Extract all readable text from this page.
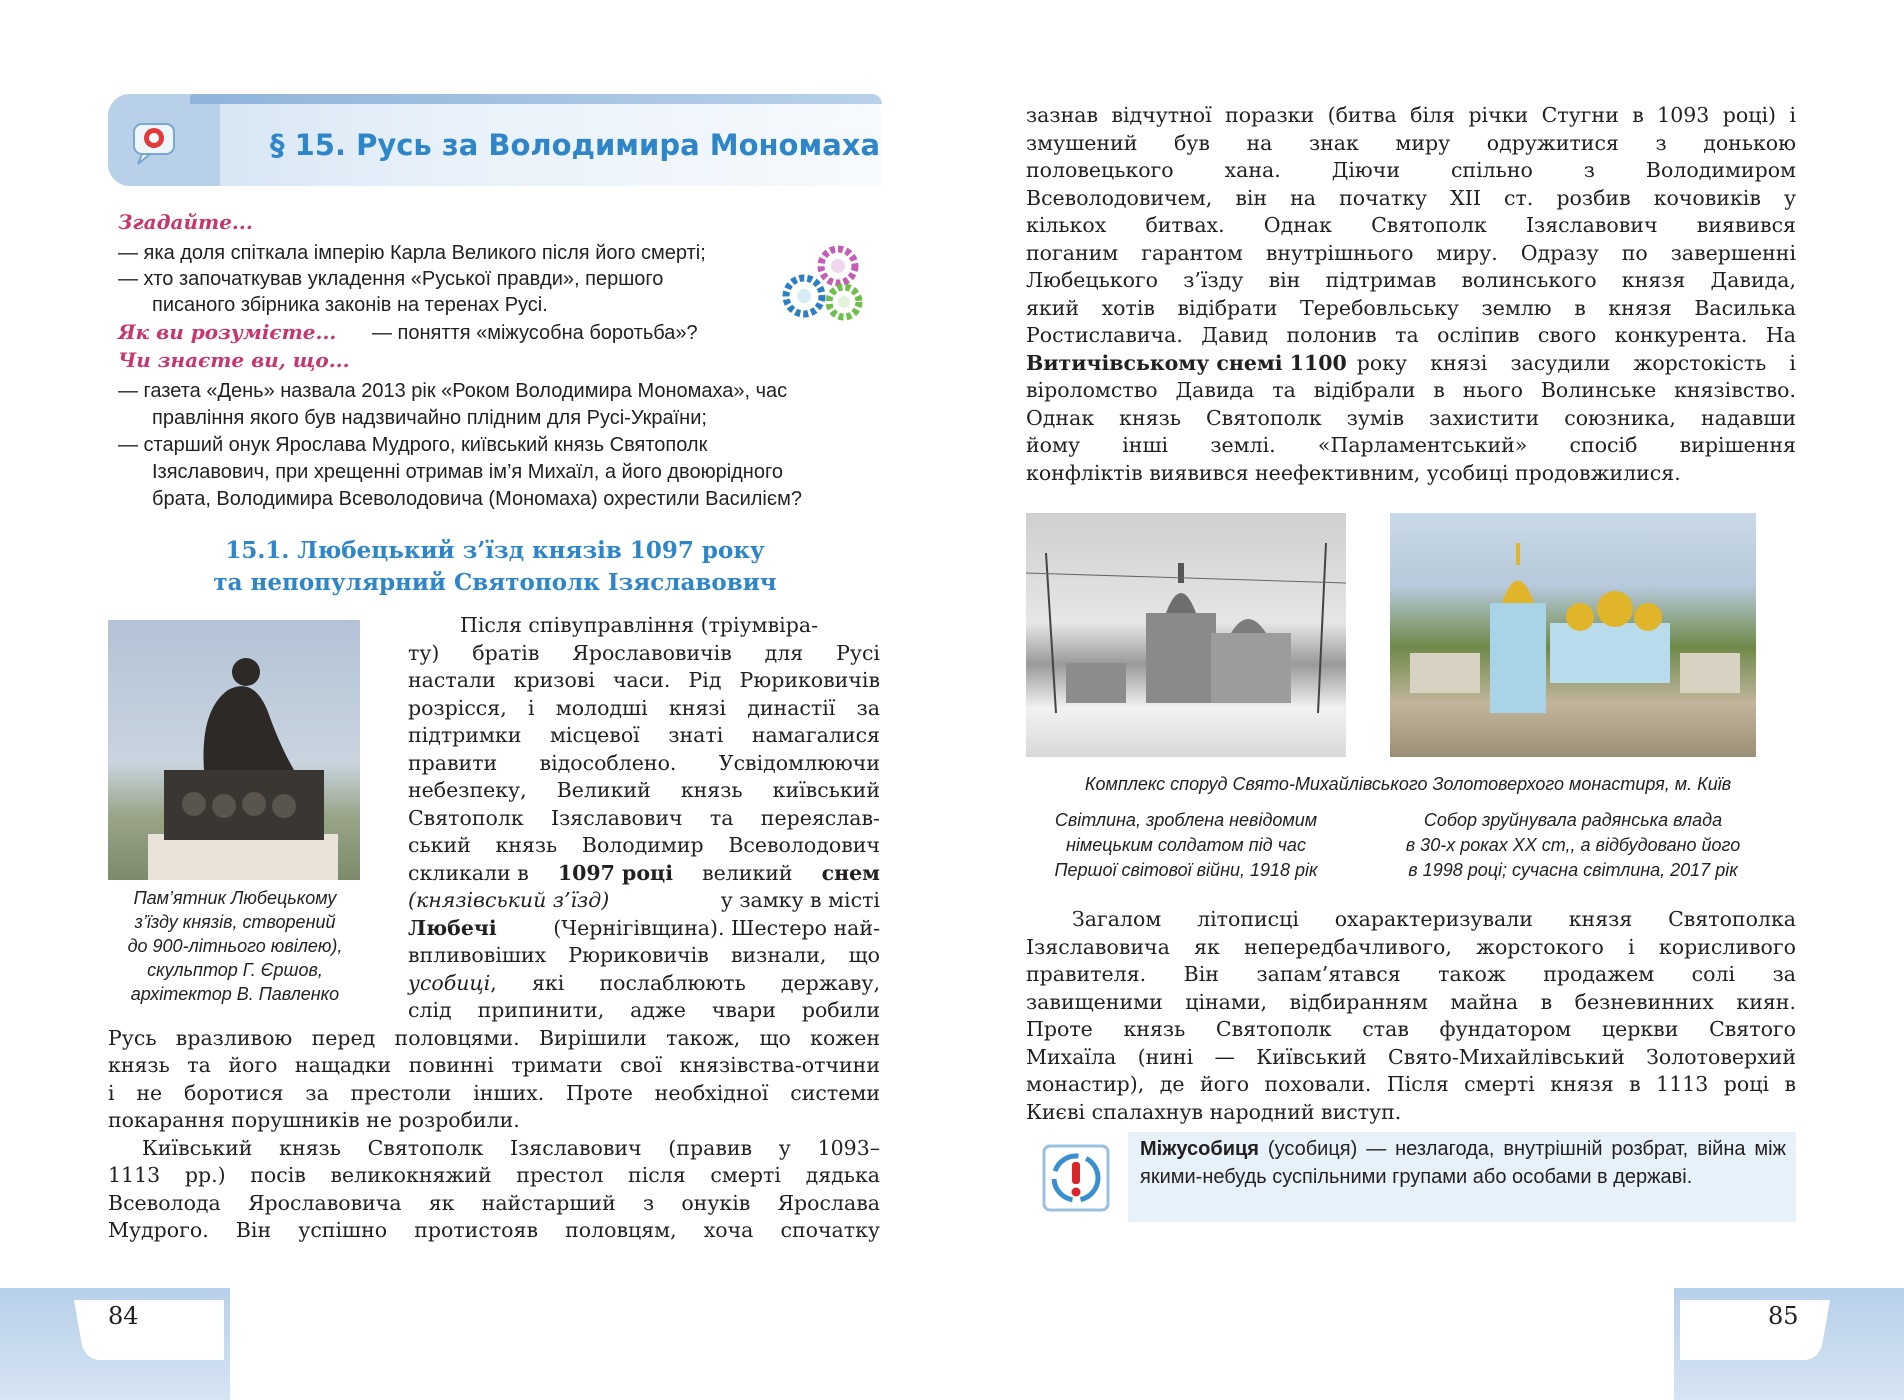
§ 15. Русь за Володимира Мономаха
Згадайте...
— яка доля спіткала імперію Карла Великого після його смерті;
— хто започаткував укладення «Руської правди», першого
писаного збірника законів на теренах Русі.
Як ви розумієте... — поняття «міжусобна боротьба»?
Чи знаєте ви, що...
— газета «День» назвала 2013 рік «Роком Володимира Мономаха», час
правління якого був надзвичайно плідним для Русі-України;
— старший онук Ярослава Мудрого, київський князь Святополк
Ізяславович, при хрещенні отримав ім’я Михаїл, а його двоюрідного
брата, Володимира Всеволодовича (Мономаха) охрестили Василієм?
15.1. Любецький з’їзд князів 1097 року
та непопулярний Святополк Ізяславович
Пам’ятник Любецькому
з’їзду князів, створений
до 900-літнього ювілею),
скульптор Г. Єршов,
архітектор В. Павленко
Після співуправління (тріумвіра-
ту) братів Ярославовичів для Русі
настали кризові часи. Рід Рюриковичів
розрісся, і молодші князі династії за
підтримки місцевої знаті намагалися
правити відособлено. Усвідомлюючи
небезпеку, Великий князь київський
Святополк Ізяславович та переяслав-
ський князь Володимир Всеволодович
скликали в 1097 році великий снем
(князівський з’їзд)	у замку в місті
Любечі	(Чернігівщина). Шестеро най-
впливовіших Рюриковичів визнали, що
усобиці , які послаблюють державу,
слід припинити, адже чвари робили
Русь вразливою перед половцями. Вирішили також, що кожен
князь та його нащадки повинні тримати свої князівства-отчини
і не боротися за престоли інших. Проте необхідної системи
покарання порушників не розробили.
Київський князь Святополк Ізяславович (правив у 1093–
1113 рр.) посів великокняжий престол після смерті дядька
Всеволода Ярославовича як найстарший з онуків Ярослава
Мудрого. Він успішно протистояв половцям, хоча спочатку
зазнав відчутної поразки (битва біля річки Стугни в 1093 році) і
змушений був на знак миру одружитися з донькою
половецького хана. Діючи спільно з Володимиром
Всеволодовичем, він на початку XII ст. розбив кочовиків у
кількох битвах. Однак Святополк Ізяславович виявився
поганим гарантом внутрішнього миру. Одразу по завершенні
Любецького з’їзду він підтримав волинського князя Давида,
який хотів відібрати Теребовльську землю в князя Василька
Ростиславича. Давид полонив та осліпив свого конкурента. На
Витичівському снемі 1100 року князі засудили жорстокість і
віроломство Давида та відібрали в нього Волинське князівство.
Однак князь Святополк зумів захистити союзника, надавши
йому інші землі. «Парламентський» спосіб вирішення
конфліктів виявився неефективним, усобиці продовжилися.
Комплекс споруд Свято-Михайлівського Золотоверхого монастиря, м. Київ
Світлина, зроблена невідомим
німецьким солдатом під час
Першої світової війни, 1918 рік
Собор зруйнувала радянська влада
в 30-х роках ХХ ст,, а відбудовано його
в 1998 році; сучасна світлина, 2017 рік
Загалом літописці охарактеризували князя Святополка
Ізяславовича як непередбачливого, жорстокого і корисливого
правителя. Він запам’ятався також продажем солі за
завищеними цінами, відбиранням майна в безневинних киян.
Проте князь Святополк став фундатором церкви Святого
Михаїла (нині — Київський Свято-Михайлівський Золотоверхий
монастир), де його поховали. Після смерті князя в 1113 році в
Києві спалахнув народний виступ.
Міжусобиця (усобиця) — незлагода, внутрішній розбрат, війна між якими-небудь суспільними групами або особами в державі.
84	85
